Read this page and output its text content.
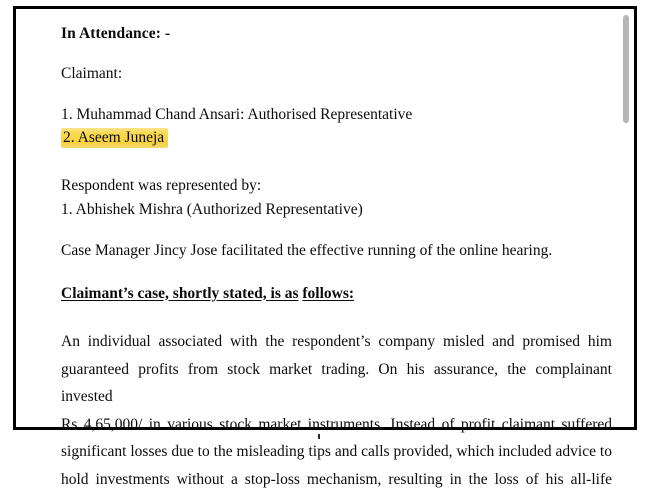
In Attendance: -
Claimant:
1. Muhammad Chand Ansari: Authorised Representative
2. Aseem Juneja
Respondent was represented by:
1. Abhishek Mishra (Authorized Representative)
Case Manager Jincy Jose facilitated the effective running of the online hearing.
Claimant’s case, shortly stated, is as follows:
An individual associated with the respondent’s company misled and promised him
guaranteed profits from stock market trading. On his assurance, the complainant invested
Rs 4,65,000/ in various stock market instruments. Instead of profit claimant suffered
significant losses due to the misleading tips and calls provided, which included advice to
hold investments without a stop-loss mechanism, resulting in the loss of his all-life
